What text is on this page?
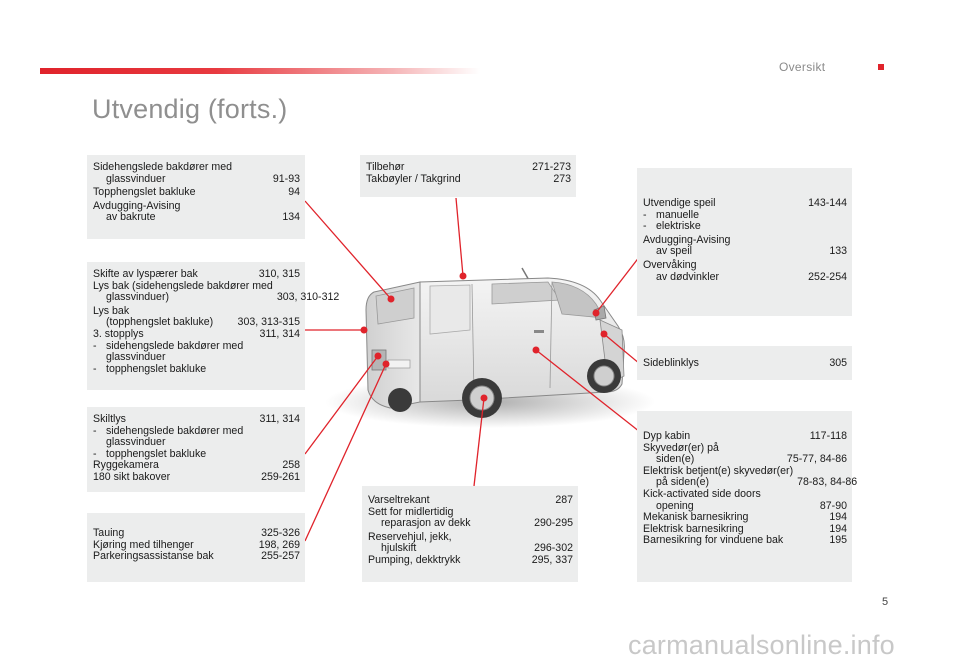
Oversikt
Utvendig (forts.)
Sidehengslede bakdører med
glassvinduer	91-93
Topphengslet bakluke	94
Avdugging-Avising
av bakrute	134
Skifte av lyspærer bak	310, 315
Lys bak (sidehengslede bakdører med
glassvinduer)	303, 310-312
Lys bak
(topphengslet bakluke)	303, 313-315
3. stopplys	311, 314
- sidehengslede bakdører med
glassvinduer
- topphengslet bakluke
Skiltlys	311, 314
- sidehengslede bakdører med
glassvinduer
- topphengslet bakluke
Ryggekamera	258
180 sikt bakover	259-261
Tauing	325-326
Kjøring med tilhenger	198, 269
Parkeringsassistanse bak	255-257
Tilbehør	271-273
Takbøyler / Takgrind	273
Varseltrekant	287
Sett for midlertidig
reparasjon av dekk	290-295
Reservehjul, jekk,
hjulskift	296-302
Pumping, dekktrykk	295, 337
Utvendige speil	143-144
- manuelle
- elektriske
Avdugging-Avising
av speil	133
Overvåking
av dødvinkler	252-254
Sideblinklys	305
Dyp kabin	117-118
Skyvedør(er) på
siden(e)	75-77, 84-86
Elektrisk betjent(e) skyvedør(er)
på siden(e)	78-83, 84-86
Kick-activated side doors
opening	87-90
Mekanisk barnesikring	194
Elektrisk barnesikring	194
Barnesikring for vinduene bak	195
5
carmanualsonline.info
